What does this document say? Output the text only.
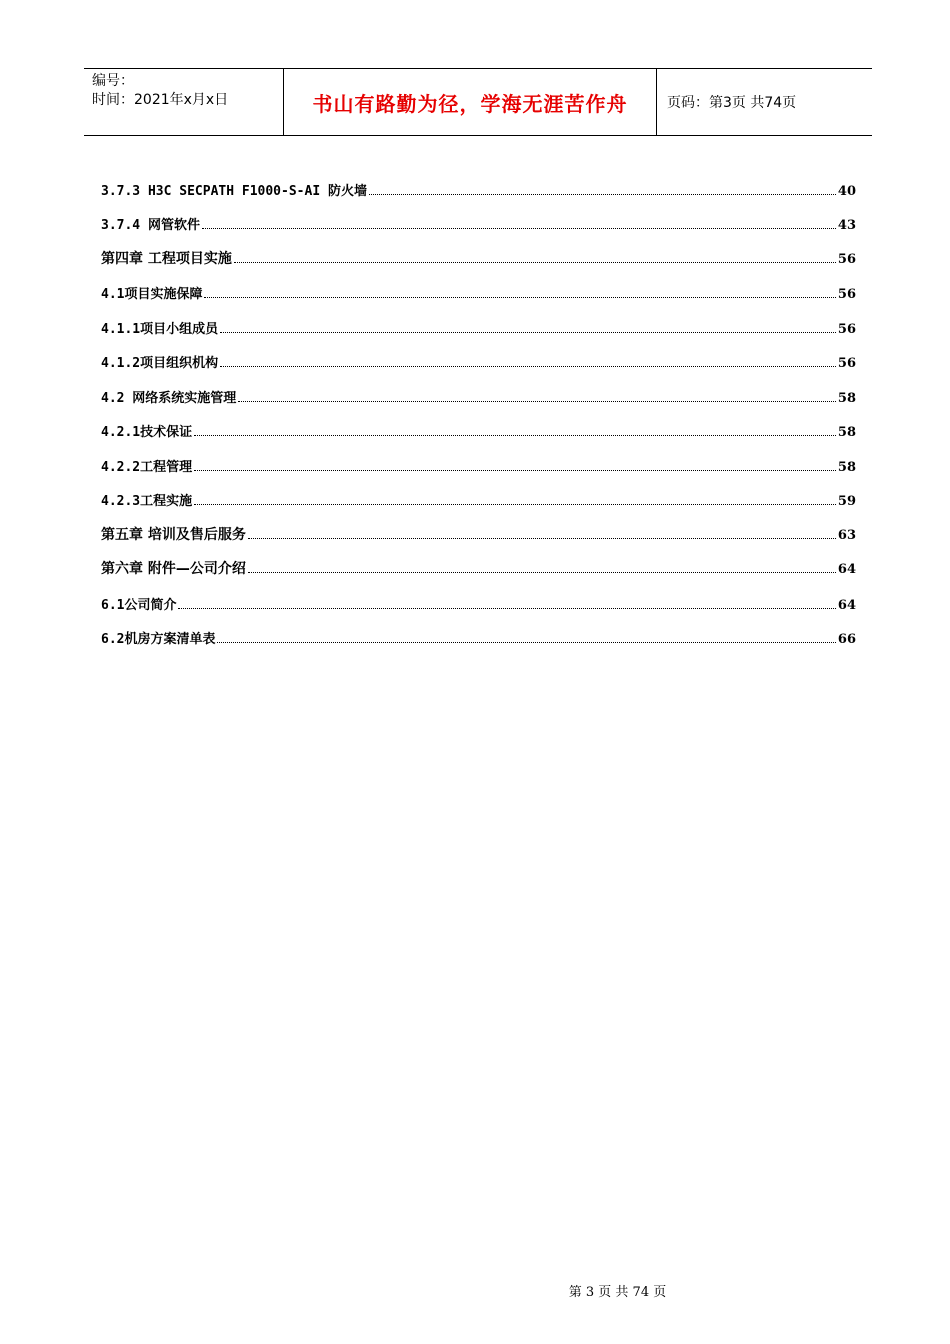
编号：
时间：2021年x月x日	书山有路勤为径，学海无涯苦作舟	页码：第3页 共74页
3.7.3 H3C SECPATH F1000-S-AI 防火墙	40
3.7.4 网管软件	43
第四章 工程项目实施	56
4.1项目实施保障	56
4.1.1项目小组成员	56
4.1.2项目组织机构	56
4.2 网络系统实施管理	58
4.2.1技术保证	58
4.2.2工程管理	58
4.2.3工程实施	59
第五章 培训及售后服务	63
第六章 附件—公司介绍	64
6.1公司简介	64
6.2机房方案清单表	66
第 3 页 共 74 页
